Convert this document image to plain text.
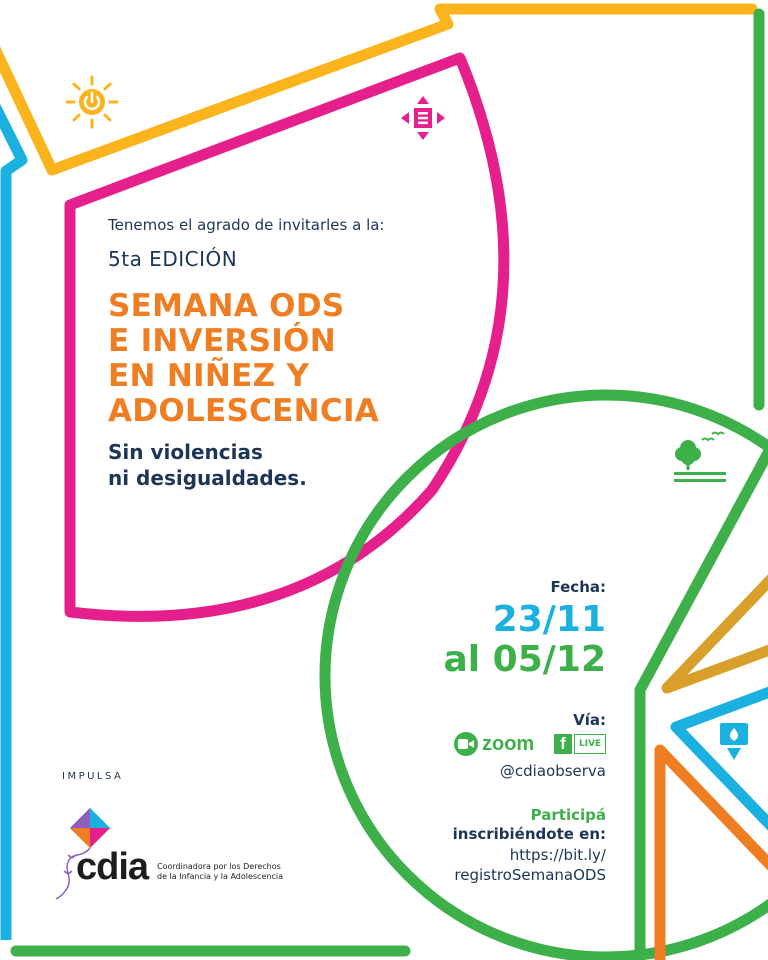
Tenemos el agrado de invitarles a la:

5ta EDICIÓN

SEMANA ODS

E INVERSIÓN

EN NIÑEZ Y

ADOLESCENCIA

Sin violencias

ni desigualdades.

Fecha:

23/11

al 05/12

Vía:

zoom	f	LIVE

@cdiaobserva

Participá

inscribiéndote en:

https://bit.ly/

registroSemanaODS

IMPULSA

cdia Coordinadora por los Derechos
de la Infancia y la Adolescencia
